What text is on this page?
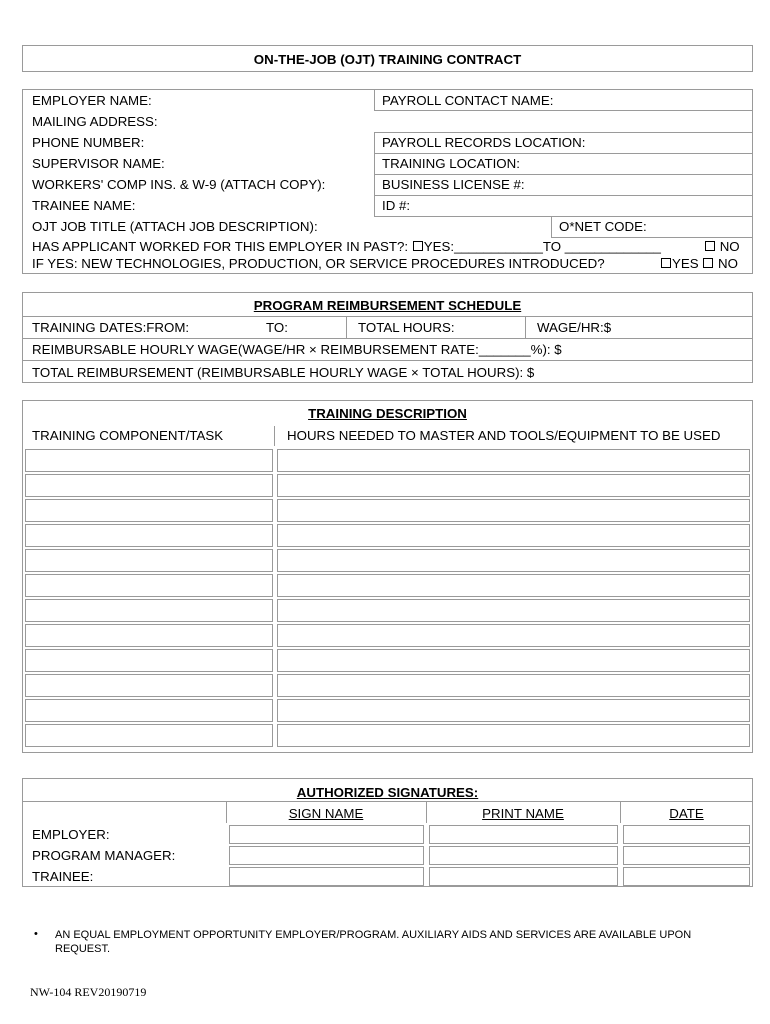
ON-THE-JOB (OJT) TRAINING CONTRACT
EMPLOYER NAME:	PAYROLL CONTACT NAME:
MAILING ADDRESS:
PHONE NUMBER:	PAYROLL RECORDS LOCATION:
SUPERVISOR NAME:	TRAINING LOCATION:
WORKERS' COMP INS. & W-9 (ATTACH COPY):	BUSINESS LICENSE #:
TRAINEE NAME:	ID #:
OJT JOB TITLE (ATTACH JOB DESCRIPTION):	O*NET CODE:
HAS APPLICANT WORKED FOR THIS EMPLOYER IN PAST?: YES:____________TO _____________	NO
IF YES: NEW TECHNOLOGIES, PRODUCTION, OR SERVICE PROCEDURES INTRODUCED?	YES NO
PROGRAM REIMBURSEMENT SCHEDULE
TRAINING DATES:FROM:	TO:	TOTAL HOURS:	WAGE/HR:$
REIMBURSABLE HOURLY WAGE(WAGE/HR × REIMBURSEMENT RATE:_______%): $
TOTAL REIMBURSEMENT (REIMBURSABLE HOURLY WAGE × TOTAL HOURS): $
TRAINING DESCRIPTION
TRAINING COMPONENT/TASK	HOURS NEEDED TO MASTER AND TOOLS/EQUIPMENT TO BE USED
AUTHORIZED SIGNATURES:
SIGN NAME	PRINT NAME	DATE
EMPLOYER:
PROGRAM MANAGER:
TRAINEE:
• AN EQUAL EMPLOYMENT OPPORTUNITY EMPLOYER/PROGRAM. AUXILIARY AIDS AND SERVICES ARE AVAILABLE UPON
REQUEST.
NW-104 REV20190719
